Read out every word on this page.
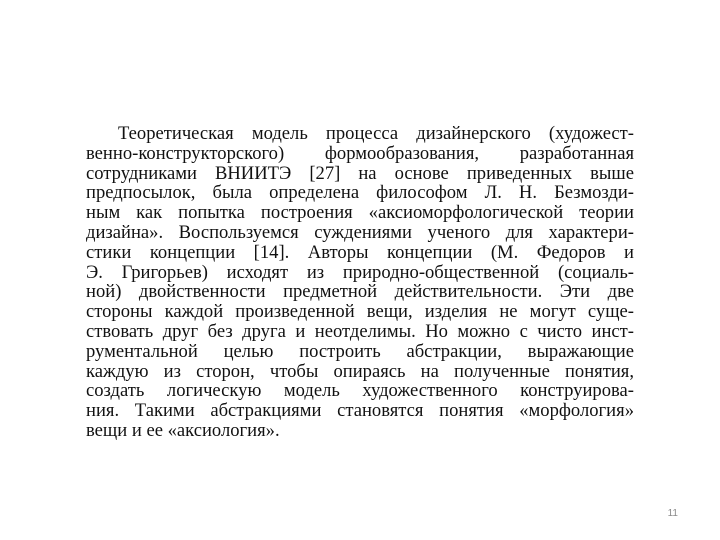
Теоретическая модель процесса дизайнерского (художест-
венно-конструкторского) формообразования, разработанная
сотрудниками ВНИИТЭ [27] на основе приведенных выше
предпосылок, была определена философом Л. Н. Безмозди-
ным как попытка построения «аксиоморфологической теории
дизайна». Воспользуемся суждениями ученого для характери-
стики концепции [14]. Авторы концепции (М. Федоров и
Э. Григорьев) исходят из природно-общественной (социаль-
ной) двойственности предметной действительности. Эти две
стороны каждой произведенной вещи, изделия не могут суще-
ствовать друг без друга и неотделимы. Но можно с чисто инст-
рументальной целью построить абстракции, выражающие
каждую из сторон, чтобы опираясь на полученные понятия,
создать логическую модель художественного конструирова-
ния. Такими абстракциями становятся понятия «морфология»
вещи и ее «аксиология».
11
